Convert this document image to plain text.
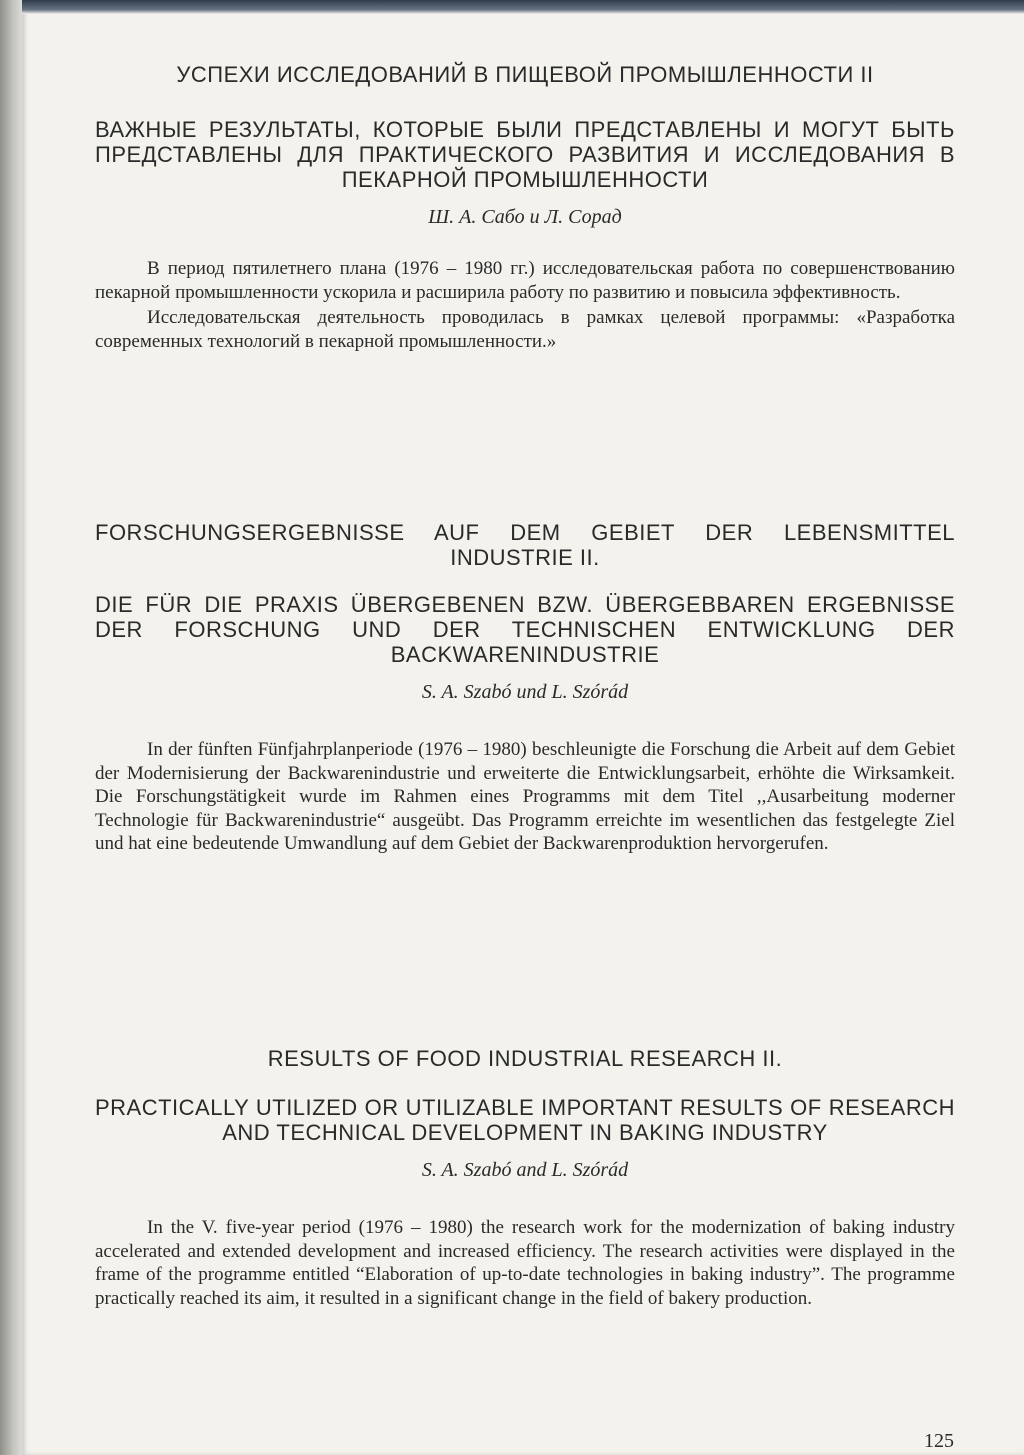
УСПЕХИ ИССЛЕДОВАНИЙ В ПИЩЕВОЙ ПРОМЫШЛЕННОСТИ II
ВАЖНЫЕ РЕЗУЛЬТАТЫ, КОТОРЫЕ БЫЛИ ПРЕДСТАВЛЕНЫ И МОГУТ БЫТЬ ПРЕДСТАВЛЕНЫ ДЛЯ ПРАКТИЧЕСКОГО РАЗВИТИЯ И ИССЛЕДОВАНИЯ В ПЕКАРНОЙ ПРОМЫШЛЕННОСТИ

Ш. А. Сабо и Л. Сорад

В период пятилетнего плана (1976 – 1980 гг.) исследовательская работа по совершенствованию пекарной промышленности ускорила и расширила работу по развитию и повысила эффективность.

Исследовательская деятельность проводилась в рамках целевой программы: «Разработка современных технологий в пекарной промышленности.»

FORSCHUNGSERGEBNISSE AUF DEM GEBIET DER LEBENSMITTEL INDUSTRIE II.
DIE FÜR DIE PRAXIS ÜBERGEBENEN BZW. ÜBERGEBBAREN ERGEBNISSE DER FORSCHUNG UND DER TECHNISCHEN ENTWICKLUNG DER BACKWARENINDUSTRIE

S. A. Szabó und L. Szórád

In der fünften Fünfjahrplanperiode (1976 – 1980) beschleunigte die Forschung die Arbeit auf dem Gebiet der Modernisierung der Backwarenindustrie und erweiterte die Entwicklungsarbeit, erhöhte die Wirksamkeit. Die Forschungstätigkeit wurde im Rahmen eines Programms mit dem Titel ,,Ausarbeitung moderner Technologie für Backwarenindustrie“ ausgeübt. Das Programm erreichte im wesentlichen das festgelegte Ziel und hat eine bedeutende Umwandlung auf dem Gebiet der Backwarenproduktion hervorgerufen.

RESULTS OF FOOD INDUSTRIAL RESEARCH II.
PRACTICALLY UTILIZED OR UTILIZABLE IMPORTANT RESULTS OF RESEARCH AND TECHNICAL DEVELOPMENT IN BAKING INDUSTRY

S. A. Szabó and L. Szórád

In the V. five-year period (1976 – 1980) the research work for the modernization of baking industry accelerated and extended development and increased efficiency. The research activities were displayed in the frame of the programme entitled “Elaboration of up-to-date technologies in baking industry”. The programme practically reached its aim, it resulted in a significant change in the field of bakery production.

125
